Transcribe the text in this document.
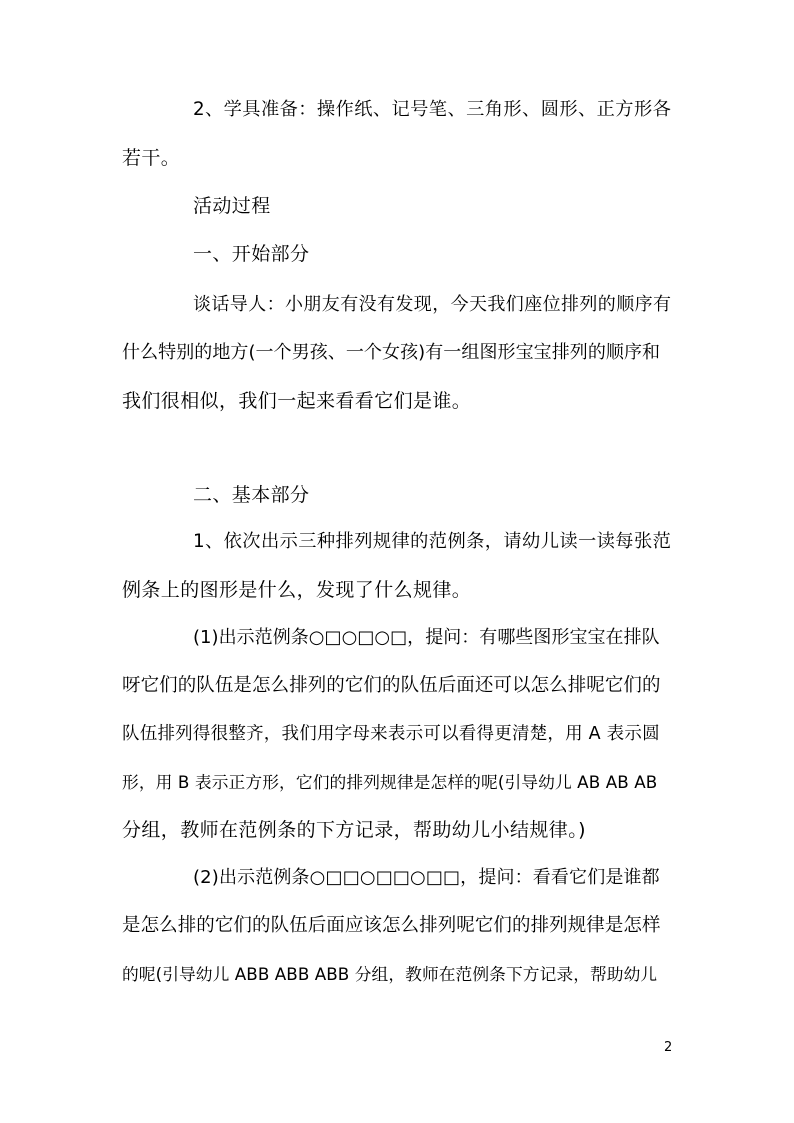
2、学具准备：操作纸、记号笔、三角形、圆形、正方形各
若干。
活动过程
一、开始部分
谈话导人：小朋友有没有发现，今天我们座位排列的顺序有
什么特别的地方(一个男孩、一个女孩)有一组图形宝宝排列的顺序和
我们很相似，我们一起来看看它们是谁。
二、基本部分
1、依次出示三种排列规律的范例条，请幼儿读一读每张范
例条上的图形是什么，发现了什么规律。
(1)出示范例条○□○□○□，提问：有哪些图形宝宝在排队
呀它们的队伍是怎么排列的它们的队伍后面还可以怎么排呢它们的
队伍排列得很整齐，我们用字母来表示可以看得更清楚，用 A 表示圆
形，用 B 表示正方形，它们的排列规律是怎样的呢(引导幼儿 AB AB AB
分组，教师在范例条的下方记录，帮助幼儿小结规律。)
(2)出示范例条○□□○□□○□□，提问：看看它们是谁都
是怎么排的它们的队伍后面应该怎么排列呢它们的排列规律是怎样
的呢(引导幼儿 ABB ABB ABB 分组，教师在范例条下方记录，帮助幼儿
2
